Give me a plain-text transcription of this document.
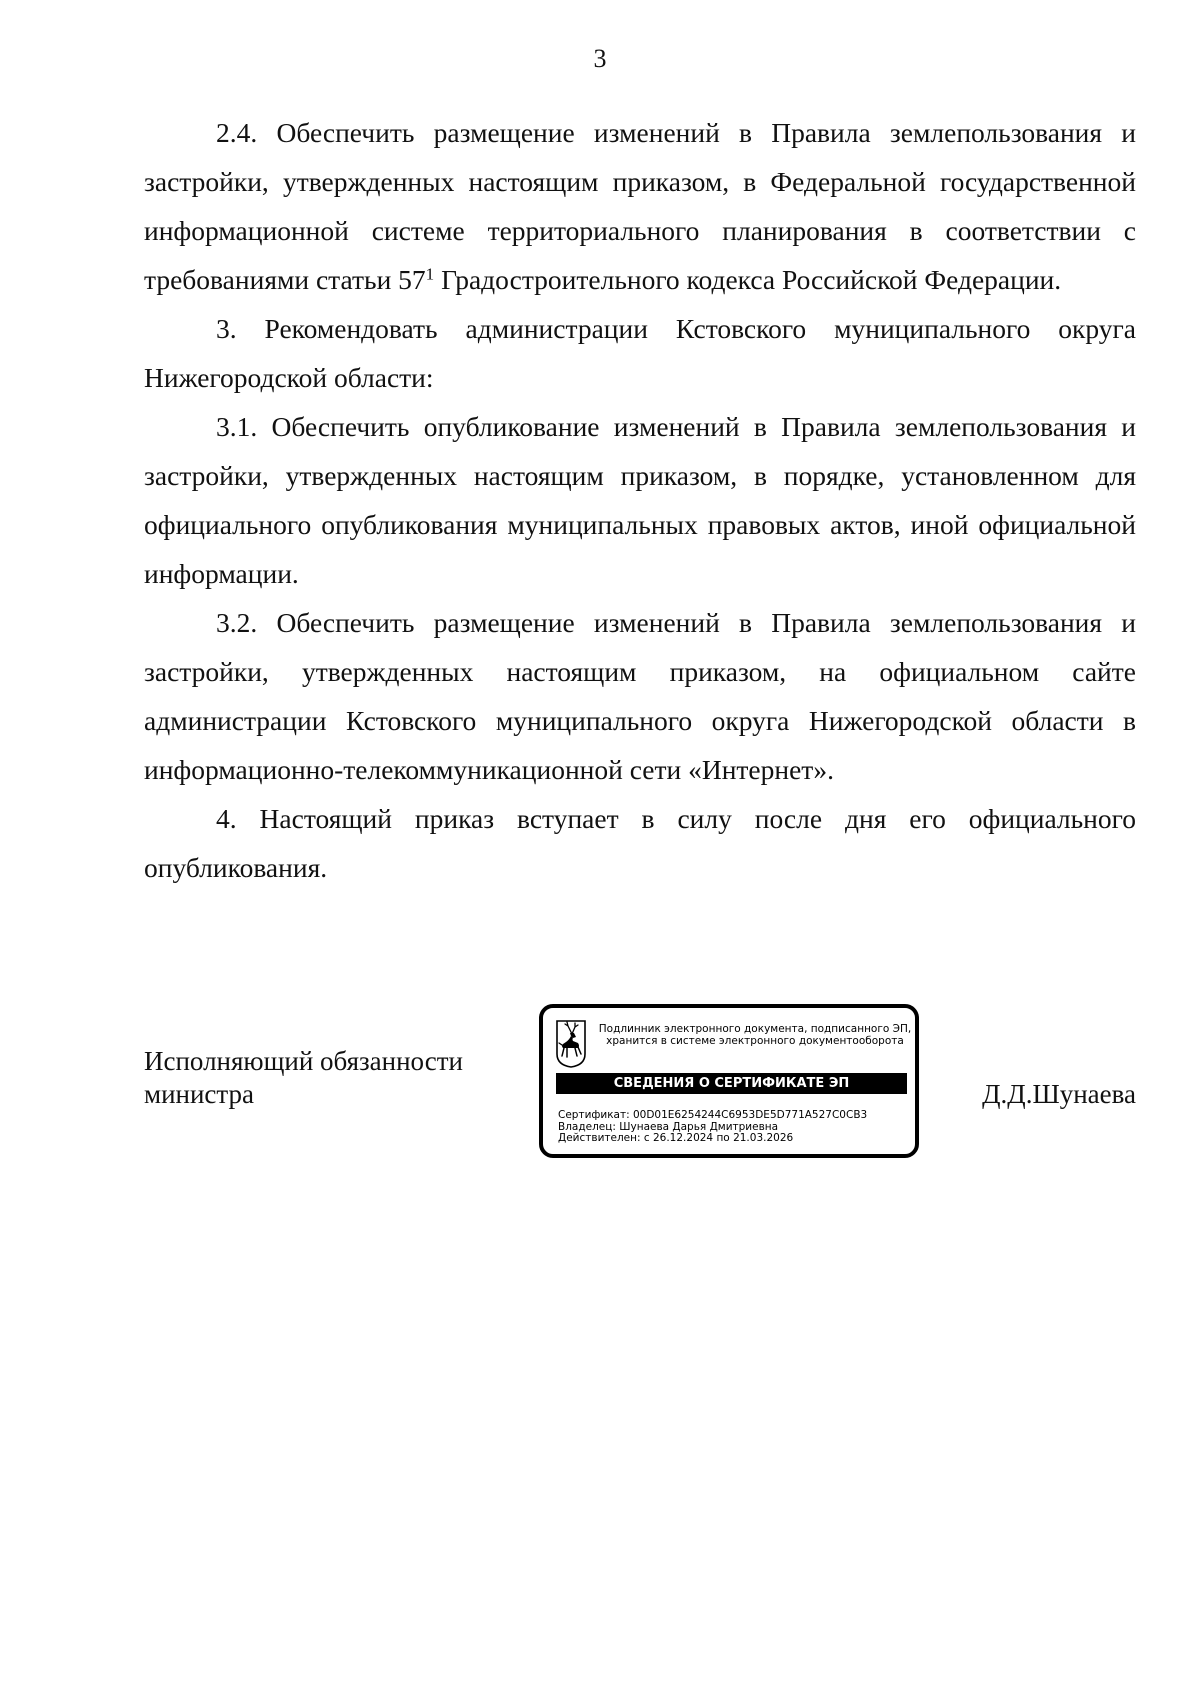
3

2.4. Обеспечить размещение изменений в Правила землепользования и застройки, утвержденных настоящим приказом, в Федеральной государственной информационной системе территориального планирования в соответствии с требованиями статьи $57^1$ Градостроительного кодекса Российской Федерации.

3. Рекомендовать администрации Кстовского муниципального округа Нижегородской области:

3.1. Обеспечить опубликование изменений в Правила землепользования и застройки, утвержденных настоящим приказом, в порядке, установленном для официального опубликования муниципальных правовых актов, иной официальной информации.

3.2. Обеспечить размещение изменений в Правила землепользования и застройки, утвержденных настоящим приказом, на официальном сайте администрации Кстовского муниципального округа Нижегородской области в информационно-телекоммуникационной сети «Интернет».

4. Настоящий приказ вступает в силу после дня его официального опубликования.

Исполняющий обязанности
министра
Подлинник электронного документа, подписанного ЭП,
хранится в системе электронного документооборота
СВЕДЕНИЯ О СЕРТИФИКАТЕ ЭП
Сертификат: 00D01E6254244C6953DE5D771A527C0CB3
Владелец: Шунаева Дарья Дмитриевна
Действителен: с 26.12.2024 по 21.03.2026
Д.Д.Шунаева
